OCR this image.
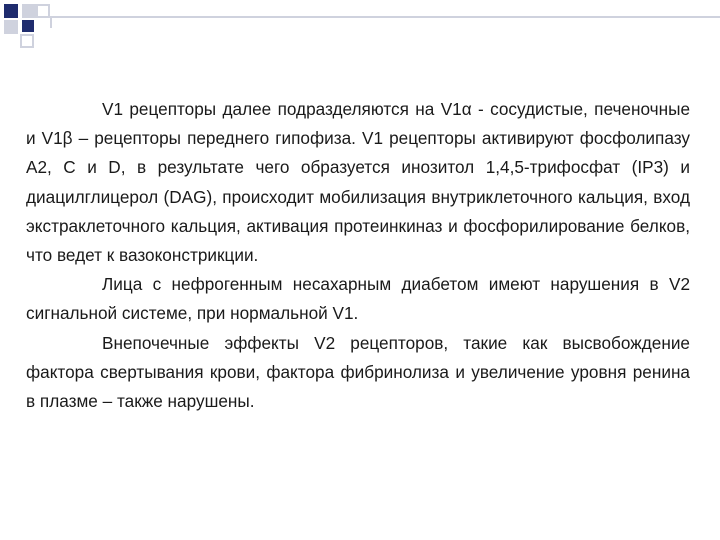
V1 рецепторы далее подразделяются на V1α - сосудистые, печеночные и V1β – рецепторы переднего гипофиза. V1 рецепторы активируют фосфолипазу A2, C и D, в результате чего образуется инозитол 1,4,5-трифосфат (IP3) и диацилглицерол (DAG), происходит мобилизация внутриклеточного кальция, вход экстраклеточного кальция, активация протеинкиназ и фосфорилирование белков, что ведет к вазоконстрикции.

Лица с нефрогенным несахарным диабетом имеют нарушения в V2 сигнальной системе, при нормальной V1.

Внепочечные эффекты V2 рецепторов, такие как высвобождение фактора свертывания крови, фактора фибринолиза и увеличение уровня ренина в плазме – также нарушены.
